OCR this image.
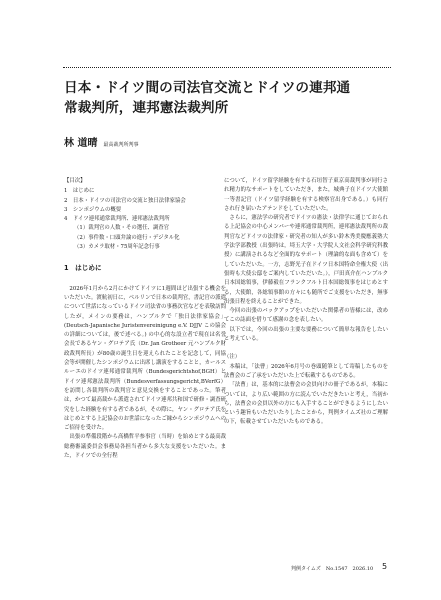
日本・ドイツ間の司法官交流とドイツの連邦通
常裁判所，連邦憲法裁判所
林 道晴 最高裁判所判事

【目次】

1　はじめに

2　日本・ドイツの司法官の交流と独日法律家協会

3　シンポジウムの概要

4　ドイツ連邦通常裁判所、連邦憲法裁判所

（1）裁判官の人数・その選任、調査官

（2）事件数・口頭弁論の進行・デジタル化

（3）カメラ取材・75周年記念行事

1　はじめに

2026年1月から2月にかけてドイツに1週間ほど出張する機会をいただいた。渡航初日に，ベルリンで日本の裁判官，書記官の派遣について世話になっているドイツ司法省の事務次官などを表敬訪問したが，メインの要務は，ハンブルクで「独日法律家協会」(Deutsch-Japanische Juristenvereinigung e.V. DJJV この協会の詳細については，後で述べる。) の中心的な設立者で現在は名誉会長であるヤン・グロテア氏（Dr. Jan Grotheer 元ハンブルク財政裁判所長）が80歳の誕生日を迎えられたことを記念して，同協会等が開催したシンポジウムに出席し講演をすることと，カールスルーエのドイツ連邦通常裁判所（Bundesgerichtshof,BGH）とドイツ連邦憲法裁判所（Bundesverfassungsgericht,BVerfG）を訪問し各裁判所の裁判官と意見交換をすることであった。筆者は，かつて最高裁から派遣されてドイツ連邦共和国で研修・調査研究をした経験を有する者であるが，その際に，ヤン・グロテア氏をはじめとする上記協会のお世話になったご縁からシンポジウムへのご招待を受けた。

出張の準備段階から高橋哲平参事官（当時）を始めとする最高裁総務審議委員会事務局各担当者から多大な支援をいただいた。また，ドイツでの全行程

について，ドイツ留学経験を有する石垣智子東京高裁判事が同行され精力的なサポートをしていただき，また，城典子在ドイツ大使館一等書記官（ドイツ留学経験を有する検察官出身である。）も同行され行き届いたアテンドをしていただいた。

さらに，憲法学の研究者でドイツの憲法・法律学に通じておられる上記協会の中心メンバーや連邦通常裁判所，連邦憲法裁判所の裁判官などドイツの法律家・研究者の知人が多い鈴木秀美慶應義塾大学法学部教授（出張時は，埼玉大学・大学院人文社会科学研究科教授）に講演されるなど全面的なサポート（理論的な面も含めて）をしていただいた。一方，志野光子在ドイツ日本国特命全権大使（出張時も大使公邸をご案内していただいた。），戸田真介在ハンブルク日本国総領事，伊藤毅在フランクフルト日本国総領事をはじめとする，大使館，各総領事館の方々にも随所でご支援をいただき，無事出張日程を終えることができた。

今回の出張のバックアップをいただいた関係者の皆様には，改めてこの誌面を借りて感謝の念を表したい。

以下では，今回の出張の主要な要務について簡単な報告をしたいと考えている。

（注）

本稿は，「法曹」2026年6月号の巻頭随筆として寄稿したものを法曹会のご了承をいただいた上で転載するものである。

「法曹」は，基本的に法曹会の会員向けの冊子であるが，本稿については，より広い範囲の方に読んでいただきたいと考え，当初から，法曹会の会員以外の方にも入手することができるようにしたいという趣旨もいただいたりしたことから，判例タイムズ社のご理解の下，転載させていただいたものである。

判例タイムズ　No.1547　2026.10 5
